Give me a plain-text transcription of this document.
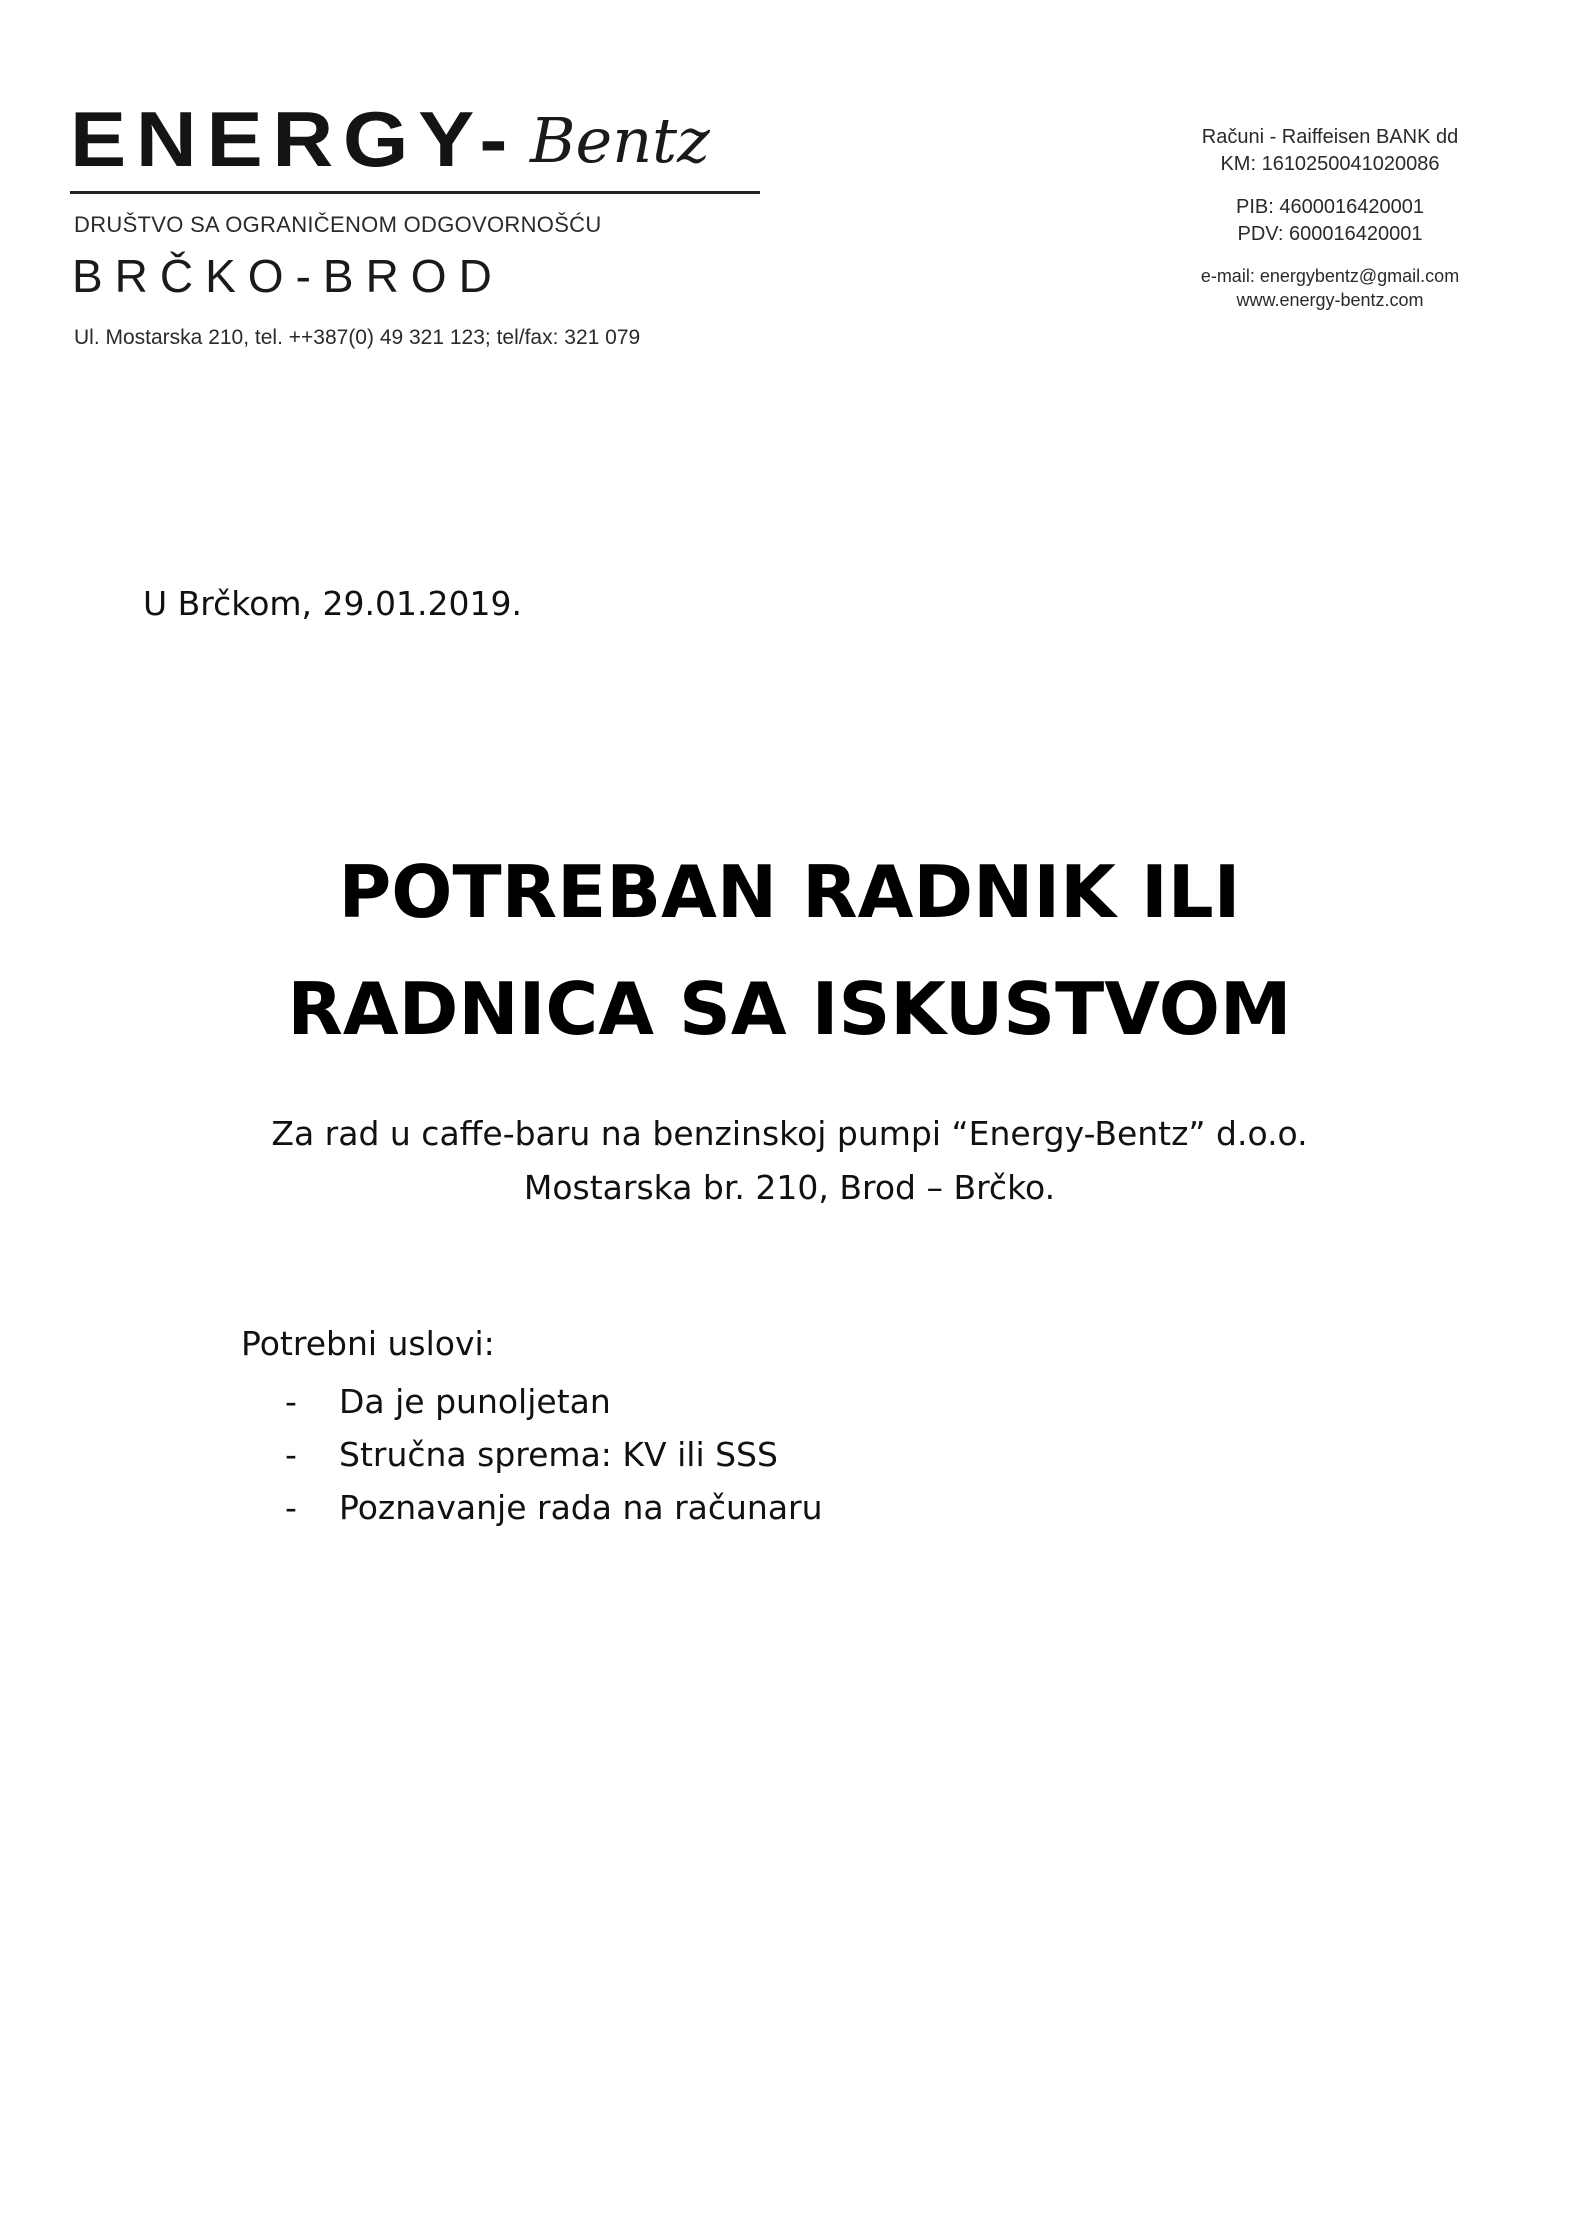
ENERGY- Bentz
DRUŠTVO SA OGRANIČENOM ODGOVORNOŠĆU
BRČKO-BROD
Ul. Mostarska 210, tel. ++387(0) 49 321 123; tel/fax: 321 079
Računi - Raiffeisen BANK dd
KM: 1610250041020086
PIB: 4600016420001
PDV: 600016420001
e-mail: energybentz@gmail.com
www.energy-bentz.com
U Brčkom, 29.01.2019.
POTREBAN RADNIK ILI
RADNICA SA ISKUSTVOM
Za rad u caffe-baru na benzinskoj pumpi “Energy-Bentz” d.o.o.
Mostarska br. 210, Brod – Brčko.
Potrebni uslovi:
- Da je punoljetan
- Stručna sprema: KV ili SSS
- Poznavanje rada na računaru
